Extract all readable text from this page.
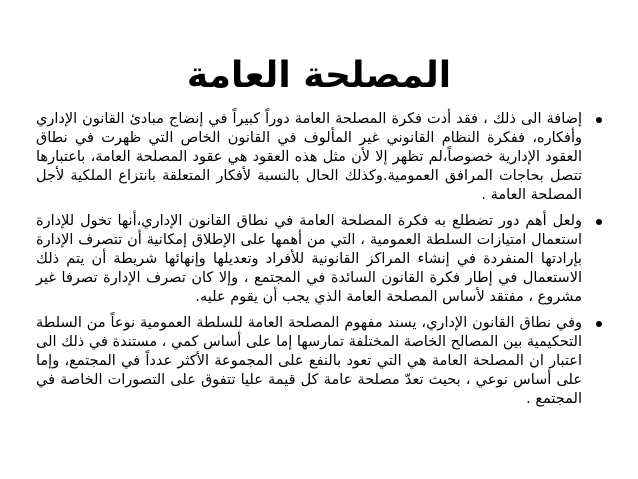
المصلحة العامة
إضافة الى ذلك ، فقد أدت فكرة المصلحة العامة دوراً كبيراً في إنضاج مبادئ القانون الإداري وأفكاره، ففكرة النظام القانوني غير المألوف في القانون الخاص التي ظهرت في نطاق العقود الإدارية خصوصاً،لم تظهر إلا لأن مثل هذه العقود هي عقود المصلحة العامة، باعتبارها تتصل بحاجات المرافق العمومية.وكذلك الحال بالنسبة لأفكار المتعلقة بانتزاع الملكية لأجل المصلحة العامة .
ولعل أهم دور تضطلع به فكرة المصلحة العامة في نطاق القانون الإداري،أنها تخول للإدارة استعمال امتيازات السلطة العمومية ، التي من أهمها على الإطلاق إمكانية أن تتصرف الإدارة بإرادتها المنفردة في إنشاء المراكز القانونية للأفراد وتعديلها وإنهائها شريطة أن يتم ذلك الاستعمال في إطار فكرة القانون السائدة في المجتمع ، وإلا كان تصرف الإدارة تصرفا غير مشروع ، مفتقد لأساس المصلحة العامة الذي يجب أن يقوم عليه.
وفي نطاق القانون الإداري، يسند مفهوم المصلحة العامة للسلطة العمومية نوعاً من السلطة التحكيمية بين المصالح الخاصة المختلفة تمارسها إما على أساس كمي ، مستندة في ذلك الى اعتبار ان المصلحة العامة هي التي تعود بالنفع على المجموعة الأكثر عدداً في المجتمع، وإما على أساس نوعي ، بحيث تعدّ مصلحة عامة كل قيمة عليا تتفوق على التصورات الخاصة في المجتمع .
